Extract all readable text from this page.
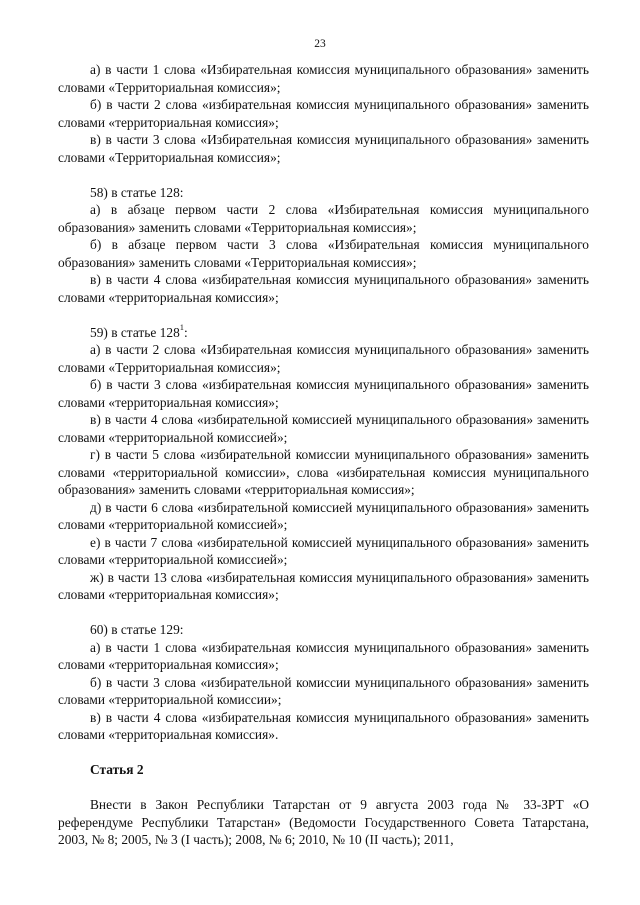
23

а) в части 1 слова «Избирательная комиссия муниципального образования» заменить словами «Территориальная комиссия»;

б) в части 2 слова «избирательная комиссия муниципального образования» заменить словами «территориальная комиссия»;

в) в части 3 слова «Избирательная комиссия муниципального образования» заменить словами «Территориальная комиссия»;

58) в статье 128:

а) в абзаце первом части 2 слова «Избирательная комиссия муниципального образования» заменить словами «Территориальная комиссия»;

б) в абзаце первом части 3 слова «Избирательная комиссия муниципального образования» заменить словами «Территориальная комиссия»;

в) в части 4 слова «избирательная комиссия муниципального образования» заменить словами «территориальная комиссия»;

59) в статье $128^1$:

а) в части 2 слова «Избирательная комиссия муниципального образования» заменить словами «Территориальная комиссия»;

б) в части 3 слова «избирательная комиссия муниципального образования» заменить словами «территориальная комиссия»;

в) в части 4 слова «избирательной комиссией муниципального образования» заменить словами «территориальной комиссией»;

г) в части 5 слова «избирательной комиссии муниципального образования» заменить словами «территориальной комиссии», слова «избирательная комиссия муниципального образования» заменить словами «территориальная комиссия»;

д) в части 6 слова «избирательной комиссией муниципального образования» заменить словами «территориальной комиссией»;

е) в части 7 слова «избирательной комиссией муниципального образования» заменить словами «территориальной комиссией»;

ж) в части 13 слова «избирательная комиссия муниципального образования» заменить словами «территориальная комиссия»;

60) в статье 129:

а) в части 1 слова «избирательная комиссия муниципального образования» заменить словами «территориальная комиссия»;

б) в части 3 слова «избирательной комиссии муниципального образования» заменить словами «территориальной комиссии»;

в) в части 4 слова «избирательная комиссия муниципального образования» заменить словами «территориальная комиссия».

Статья 2

Внести в Закон Республики Татарстан от 9 августа 2003 года № 33-ЗРТ «О референдуме Республики Татарстан» (Ведомости Государственного Совета Татарстана, 2003, № 8; 2005, № 3 (I часть); 2008, № 6; 2010, № 10 (II часть); 2011,
